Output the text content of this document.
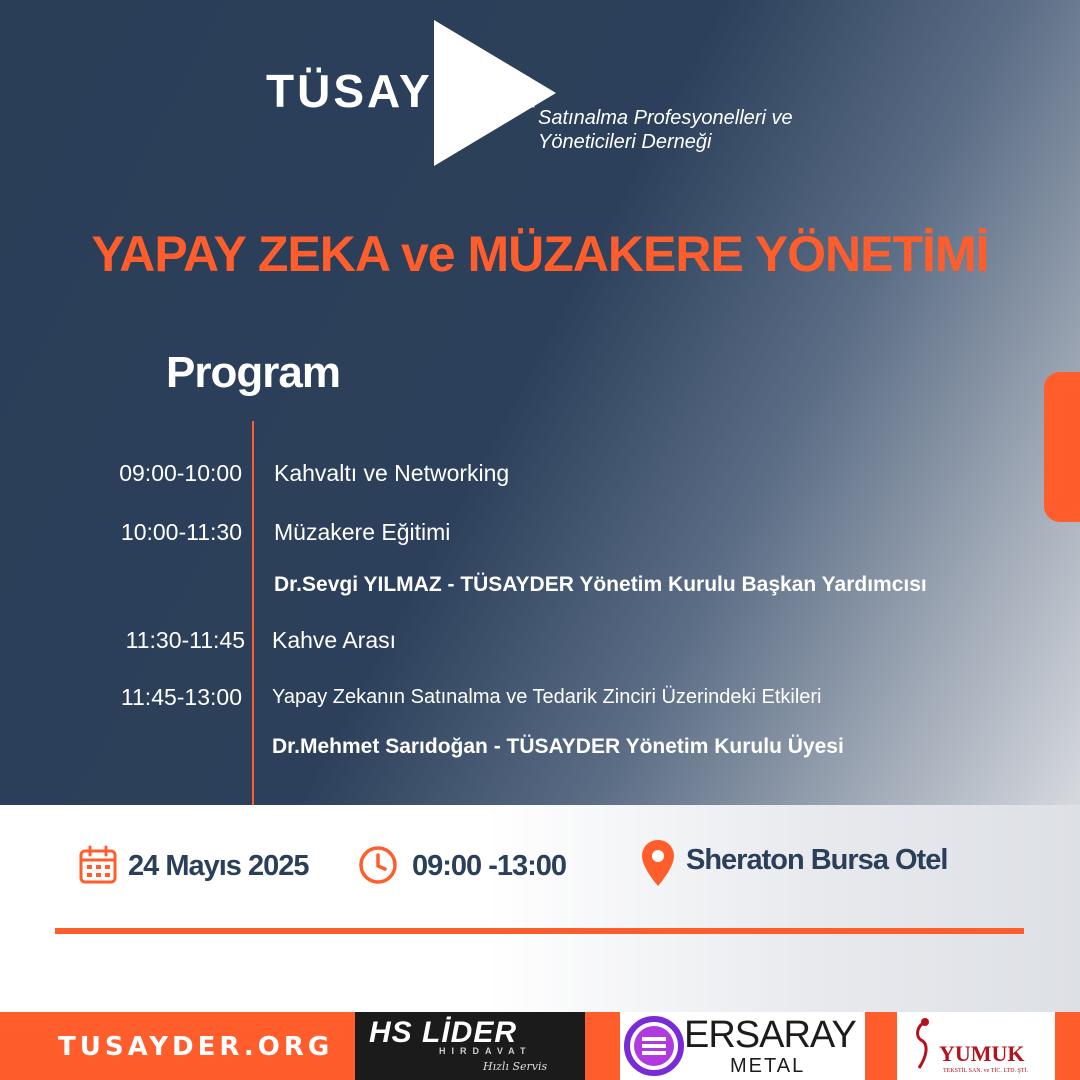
TÜSAYDER
Satınalma Profesyonelleri ve
Yöneticileri Derneği
YAPAY ZEKA ve MÜZAKERE YÖNETİMİ
Program
09:00-10:00 Kahvaltı ve Networking
10:00-11:30 Müzakere Eğitimi
Dr.Sevgi YILMAZ - TÜSAYDER Yönetim Kurulu Başkan Yardımcısı
11:30-11:45 Kahve Arası
11:45-13:00 Yapay Zekanın Satınalma ve Tedarik Zinciri Üzerindeki Etkileri
Dr.Mehmet Sarıdoğan - TÜSAYDER Yönetim Kurulu Üyesi
24 Mayıs 2025	09:00 -13:00	Sheraton Bursa Otel
TUSAYDER.ORG HS LİDER
HIRDAVAT
Hızlı Servis
ERSARAY
METAL	YUMUK
TEKSTİL SAN. ve TİC. LTD. ŞTİ.
